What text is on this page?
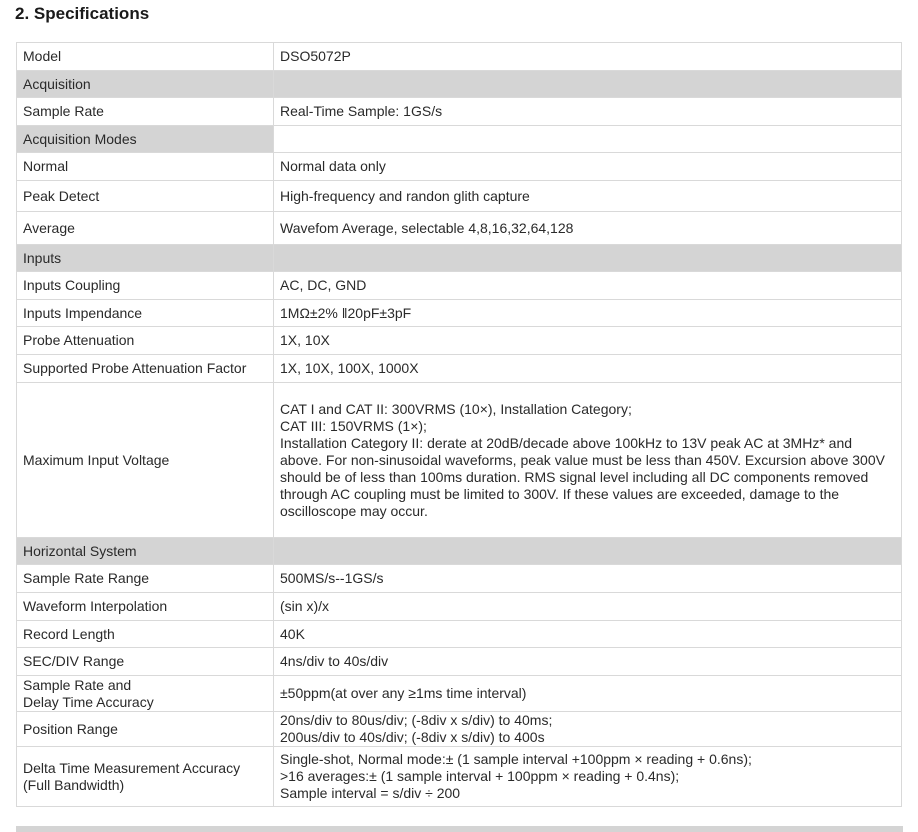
2. Specifications
Model	DSO5072P
Acquisition	
Sample Rate	Real-Time Sample: 1GS/s
Acquisition Modes	
Normal	Normal data only
Peak Detect	High-frequency and randon glith capture
Average	Wavefom Average, selectable 4,8,16,32,64,128
Inputs	
Inputs Coupling	AC, DC, GND
Inputs Impendance	1MΩ±2% ǁ20pF±3pF
Probe Attenuation	1X, 10X
Supported Probe Attenuation Factor	1X, 10X, 100X, 1000X
Maximum Input Voltage	CAT I and CAT II: 300VRMS (10×), Installation Category;
CAT III: 150VRMS (1×);
Installation Category II: derate at 20dB/decade above 100kHz to 13V peak AC at 3MHz* and above. For non-sinusoidal waveforms, peak value must be less than 450V. Excursion above 300V should be of less than 100ms duration. RMS signal level including all DC components removed through AC coupling must be limited to 300V. If these values are exceeded, damage to the oscilloscope may occur.
Horizontal System	
Sample Rate Range	500MS/s--1GS/s
Waveform Interpolation	(sin x)/x
Record Length	40K
SEC/DIV Range	4ns/div to 40s/div
Sample Rate and
Delay Time Accuracy	±50ppm(at over any ≥1ms time interval)
Position Range	20ns/div to 80us/div; (-8div x s/div) to 40ms;
200us/div to 40s/div; (-8div x s/div) to 400s
Delta Time Measurement Accuracy
(Full Bandwidth)	Single-shot, Normal mode:± (1 sample interval +100ppm × reading + 0.6ns);
>16 averages:± (1 sample interval + 100ppm × reading + 0.4ns);
Sample interval = s/div ÷ 200
